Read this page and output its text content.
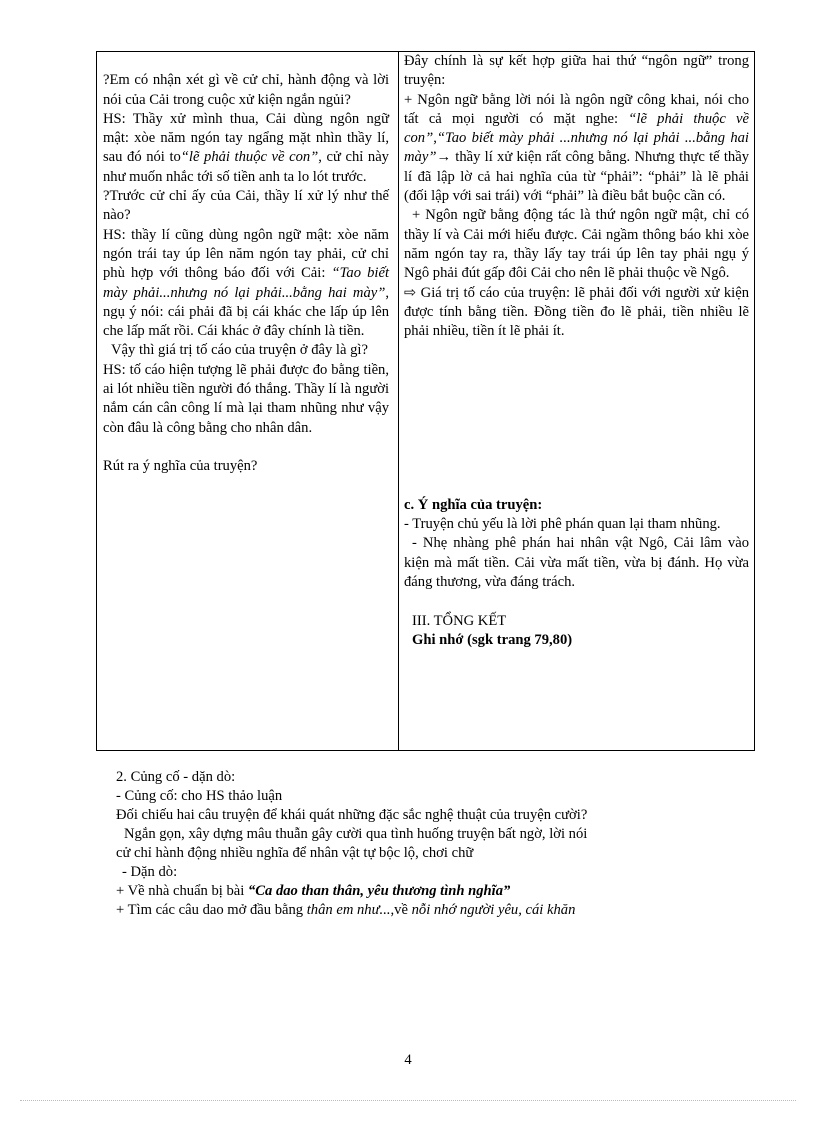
?Em có nhận xét gì về cử chỉ, hành động và lời nói của Cải trong cuộc xử kiện ngắn ngủi?

HS: Thầy xử mình thua, Cải dùng ngôn ngữ mật: xòe năm ngón tay ngẩng mặt nhìn thầy lí, sau đó nói to“lẽ phải thuộc về con”, cử chỉ này như muốn nhắc tới số tiền anh ta lo lót trước.

?Trước cử chỉ ấy của Cải, thầy lí xử lý như thế nào?

HS: thầy lí cũng dùng ngôn ngữ mật: xòe năm ngón trái tay úp lên năm ngón tay phải, cử chỉ phù hợp với thông báo đối với Cải: “Tao biết mày phải...nhưng nó lại phải...bằng hai mày”, ngụ ý nói: cái phải đã bị cái khác che lấp úp lên che lấp mất rồi. Cái khác ở đây chính là tiền.

Vậy thì giá trị tố cáo của truyện ở đây là gì?

HS: tố cáo hiện tượng lẽ phải được đo bằng tiền, ai lót nhiều tiền người đó thắng. Thầy lí là người nắm cán cân công lí mà lại tham nhũng như vậy còn đâu là công bằng cho nhân dân.

Rút ra ý nghĩa của truyện?

Đây chính là sự kết hợp giữa hai thứ “ngôn ngữ” trong truyện:

+ Ngôn ngữ bằng lời nói là ngôn ngữ công khai, nói cho tất cả mọi người có mặt nghe: “lẽ phải thuộc về con”,“Tao biết mày phải ...nhưng nó lại phải ...bằng hai mày”→ thầy lí xử kiện rất công bằng. Nhưng thực tế thầy lí đã lập lờ cả hai nghĩa của từ “phải”: “phải” là lẽ phải (đối lập với sai trái) với “phải” là điều bắt buộc cần có.

+ Ngôn ngữ bằng động tác là thứ ngôn ngữ mật, chỉ có thầy lí và Cải mới hiểu được. Cải ngầm thông báo khi xòe năm ngón tay ra, thầy lấy tay trái úp lên tay phải ngụ ý Ngô phải đút gấp đôi Cải cho nên lẽ phải thuộc về Ngô.

⇨ Giá trị tố cáo của truyện: lẽ phải đối với người xử kiện được tính bằng tiền. Đồng tiền đo lẽ phải, tiền nhiều lẽ phải nhiều, tiền ít lẽ phải ít.

c. Ý nghĩa của truyện:

- Truyện chủ yếu là lời phê phán quan lại tham nhũng.

- Nhẹ nhàng phê phán hai nhân vật Ngô, Cải lâm vào kiện mà mất tiền. Cải vừa mất tiền, vừa bị đánh. Họ vừa đáng thương, vừa đáng trách.

III. TỔNG KẾT

Ghi nhớ (sgk trang 79,80)

2. Củng cố - dặn dò:

- Củng cố: cho HS thảo luận

Đối chiếu hai câu truyện để khái quát những đặc sắc nghệ thuật của truyện cười?

Ngắn gọn, xây dựng mâu thuẫn gây cười qua tình huống truyện bất ngờ, lời nói

cử chỉ hành động nhiều nghĩa để nhân vật tự bộc lộ, chơi chữ

- Dặn dò:

+ Về nhà chuẩn bị bài “Ca dao than thân, yêu thương tình nghĩa”

+ Tìm các câu dao mở đầu bằng thân em như...,về nỗi nhớ người yêu, cái khăn

4
